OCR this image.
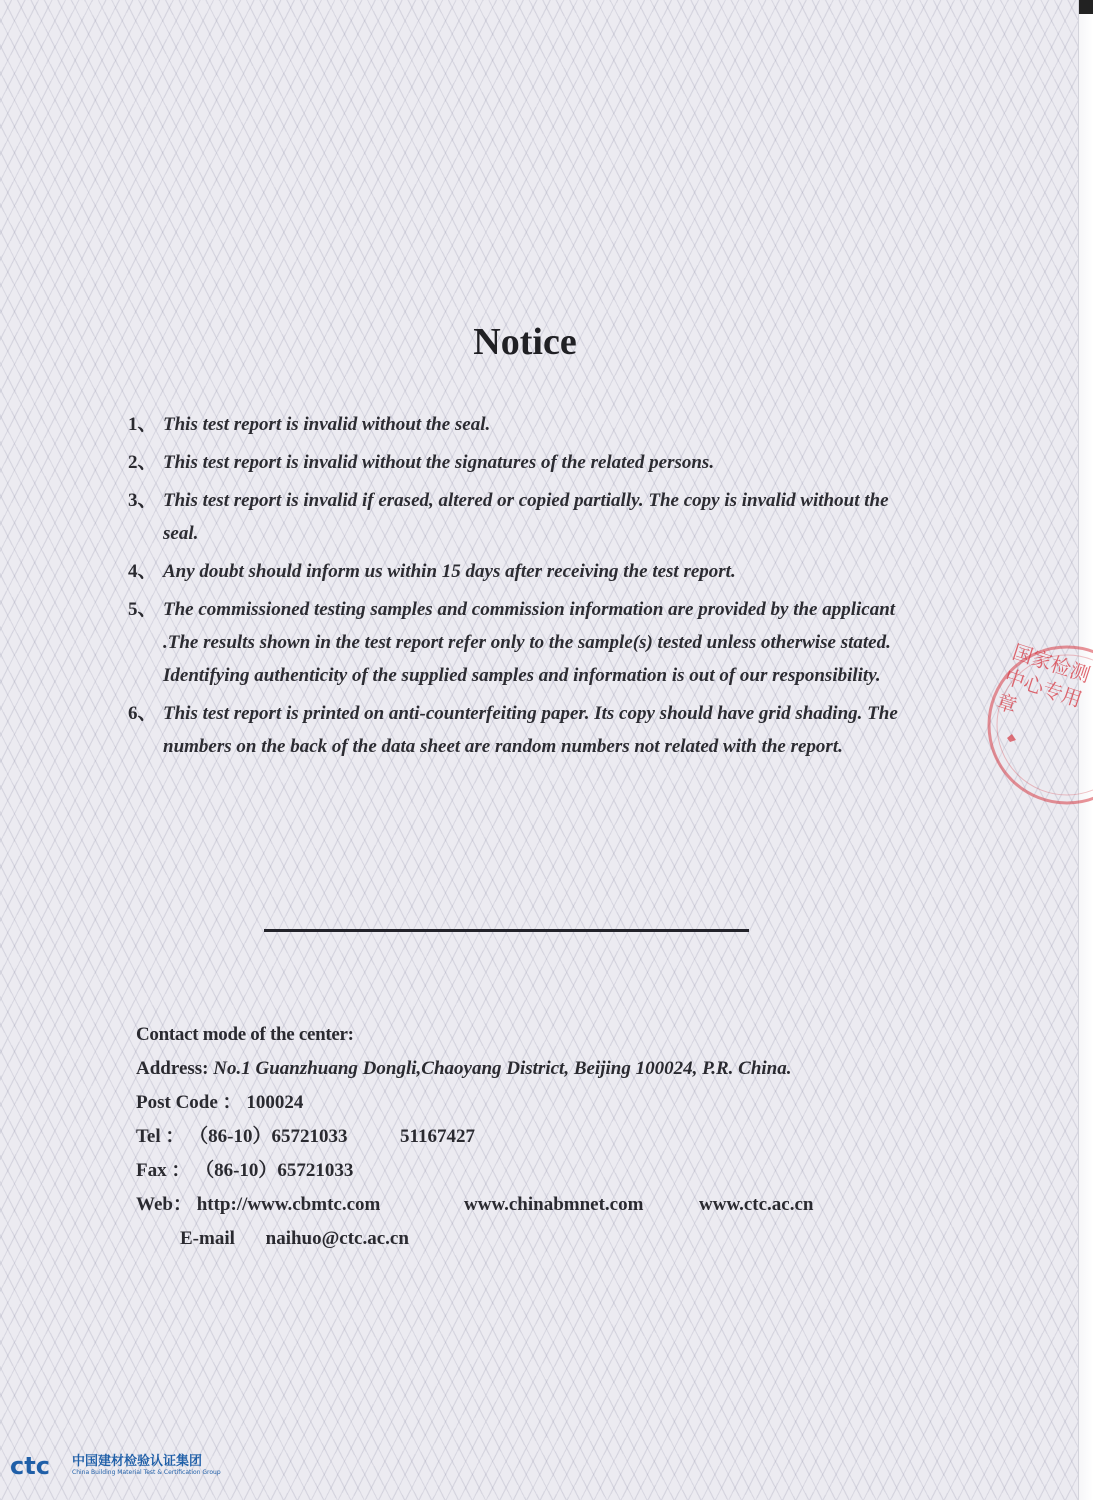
Notice
1、 This test report is invalid without the seal.
2、 This test report is invalid without the signatures of the related persons.
3、 This test report is invalid if erased, altered or copied partially. The copy is invalid without the seal.
4、 Any doubt should inform us within 15 days after receiving the test report.
5、 The commissioned testing samples and commission information are provided by the applicant .The results shown in the test report refer only to the sample(s) tested unless otherwise stated. Identifying authenticity of the supplied samples and information is out of our responsibility.
6、 This test report is printed on anti-counterfeiting paper. Its copy should have grid shading. The numbers on the back of the data sheet are random numbers not related with the report.
国家检测中心专用章
Contact mode of the center:
Address: No.1 Guanzhuang Dongli,Chaoyang District, Beijing 100024, P.R. China.
Post Code ： 100024
Tel ： （86-10）65721033	51167427
Fax ： （86-10）65721033
Web： http://www.cbmtc.com	www.chinabmnet.com	www.ctc.ac.cn
E-mail naihuo@ctc.ac.cn
ctc 中国建材检验认证集团
China Building Material Test & Certification Group
